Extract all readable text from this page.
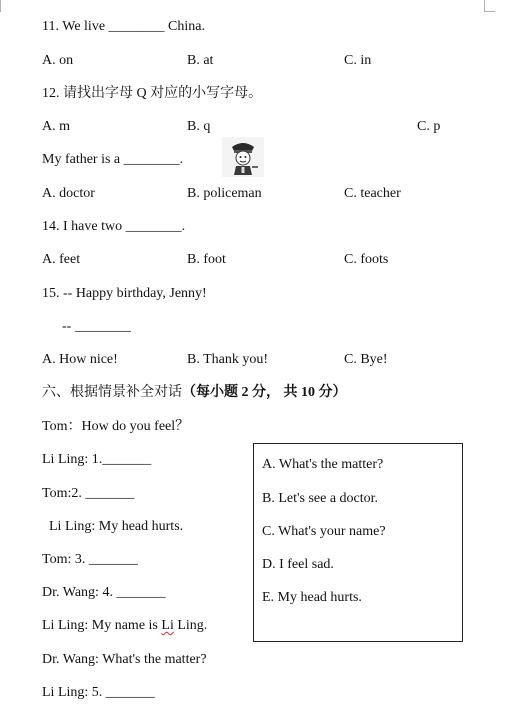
11. We live ________ China.
A. on	B. at	C. in
12. 请找出字母 Q 对应的小写字母。
A. m	B. q	C. p
My father is a ________.
A. doctor	B. policeman	C. teacher
14. I have two ________.
A. feet	B. foot	C. foots
15. -- Happy birthday, Jenny!
-- ________
A. How nice!	B. Thank you!	C. Bye!
六、根据情景补全对话（每小题 2 分， 共 10 分）
Tom：How do you feel？
Li Ling: 1._______
Tom:2. _______
Li Ling: My head hurts.
Tom: 3. _______
Dr. Wang: 4. _______
Li Ling: My name is Li Ling.
Dr. Wang: What's the matter?
Li Ling: 5. _______
A. What's the matter?
B. Let's see a doctor.
C. What's your name?
D. I feel sad.
E. My head hurts.
